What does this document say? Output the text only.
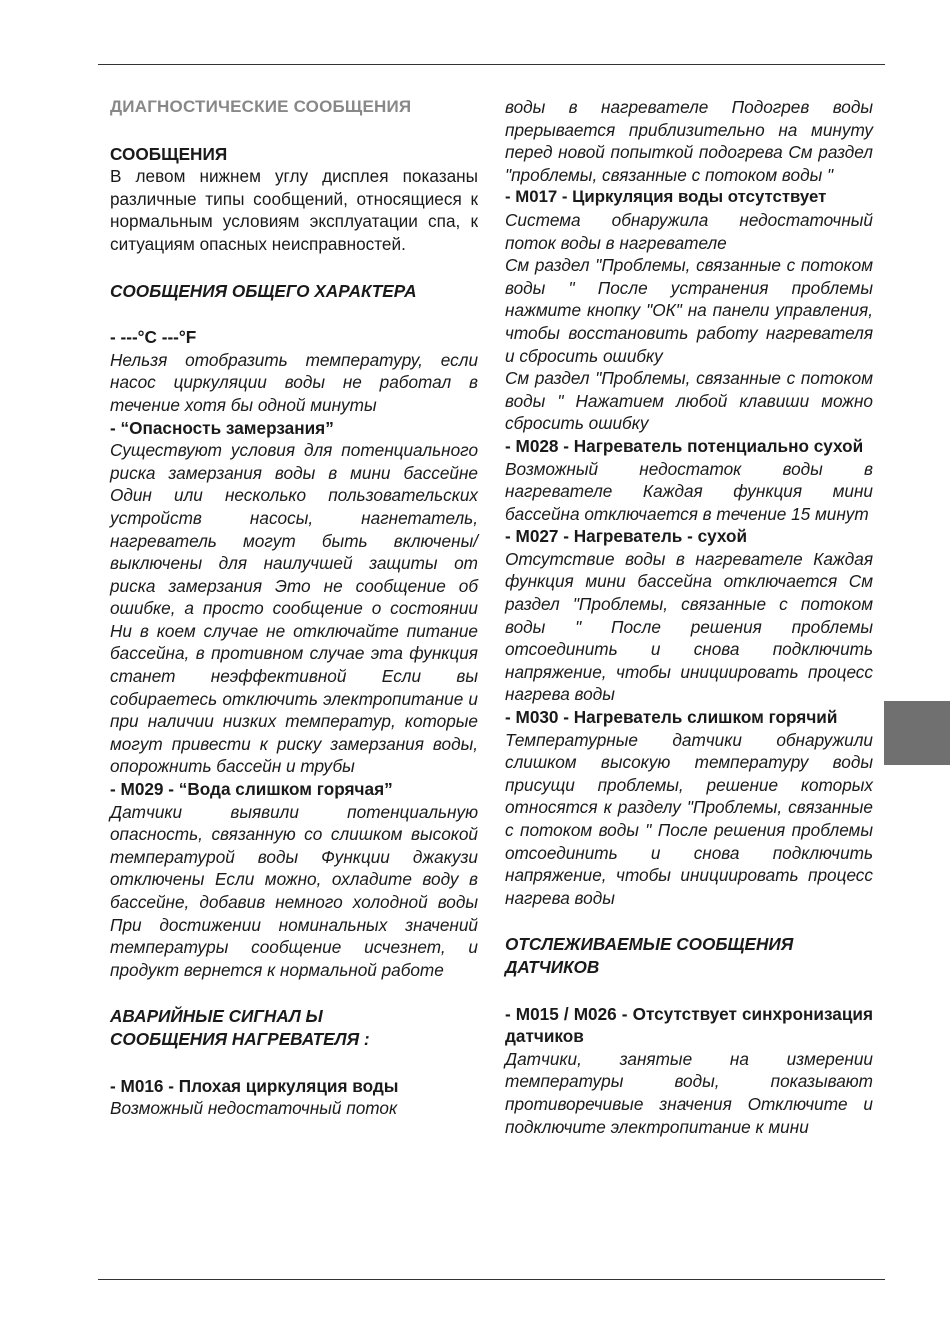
ДИАГНОСТИЧЕСКИЕ СООБЩЕНИЯ

СООБЩЕНИЯ

В левом нижнем углу дисплея показаны различные типы сообщений, относящиеся к нормальным условиям эксплуатации спа, к ситуациям опасных неисправностей.

СООБЩЕНИЯ ОБЩЕГО ХАРАКТЕРА

- ---°C ---°F

Нельзя отобразить температуру, если насос циркуляции воды не работал в течение хотя бы одной минуты

- “Опасность замерзания”

Существуют условия для потенциального риска замерзания воды в мини бассейне Один или несколько пользовательских устройств насосы, нагнетатель, нагреватель могут быть включены/выключены для наилучшей защиты от риска замерзания Это не сообщение об ошибке, а просто сообщение о состоянии Ни в коем случае не отключайте питание бассейна, в противном случае эта функция станет неэффективной Если вы собираетесь отключить электропитание и при наличии низких температур, которые могут привести к риску замерзания воды, опорожнить бассейн и трубы

- M029 - “Вода слишком горячая”

Датчики выявили потенциальную опасность, связанную со слишком высокой температурой воды Функции джакузи отключены Если можно, охладите воду в бассейне, добавив немного холодной воды При достижении номинальных значений температуры сообщение исчезнет, и продукт вернется к нормальной работе

АВАРИЙНЫЕ СИГНАЛ Ы

СООБЩЕНИЯ НАГРЕВАТЕЛЯ :

- M016 - Плохая циркуляция воды

Возможный недостаточный поток

воды в нагревателе Подогрев воды прерывается приблизительно на минуту перед новой попыткой подогрева См раздел "проблемы, связанные с потоком воды "

- M017 - Циркуляция воды отсутствует

Система обнаружила недостаточный поток воды в нагревателе

См раздел "Проблемы, связанные с потоком воды " После устранения проблемы нажмите кнопку "ОК" на панели управления, чтобы восстановить работу нагревателя и сбросить ошибку

См раздел "Проблемы, связанные с потоком воды " Нажатием любой клавиши можно сбросить ошибку

- M028 - Нагреватель потенциально сухой

Возможный недостаток воды в нагревателе Каждая функция мини бассейна отключается в течение 15 минут

- M027 - Нагреватель - сухой

Отсутствие воды в нагревателе Каждая функция мини бассейна отключается См раздел "Проблемы, связанные с потоком воды " После решения проблемы отсоединить и снова подключить напряжение, чтобы инициировать процесс нагрева воды

- M030 - Нагреватель слишком горячий

Температурные датчики обнаружили слишком высокую температуру воды присущи проблемы, решение которых относятся к разделу "Проблемы, связанные с потоком воды " После решения проблемы отсоединить и снова подключить напряжение, чтобы инициировать процесс нагрева воды

ОТСЛЕЖИВАЕМЫЕ СООБЩЕНИЯ

ДАТЧИКОВ

- M015 / M026 - Отсутствует синхронизация датчиков

Датчики, занятые на измерении температуры воды, показывают противоречивые значения Отключите и подключите электропитание к мини
